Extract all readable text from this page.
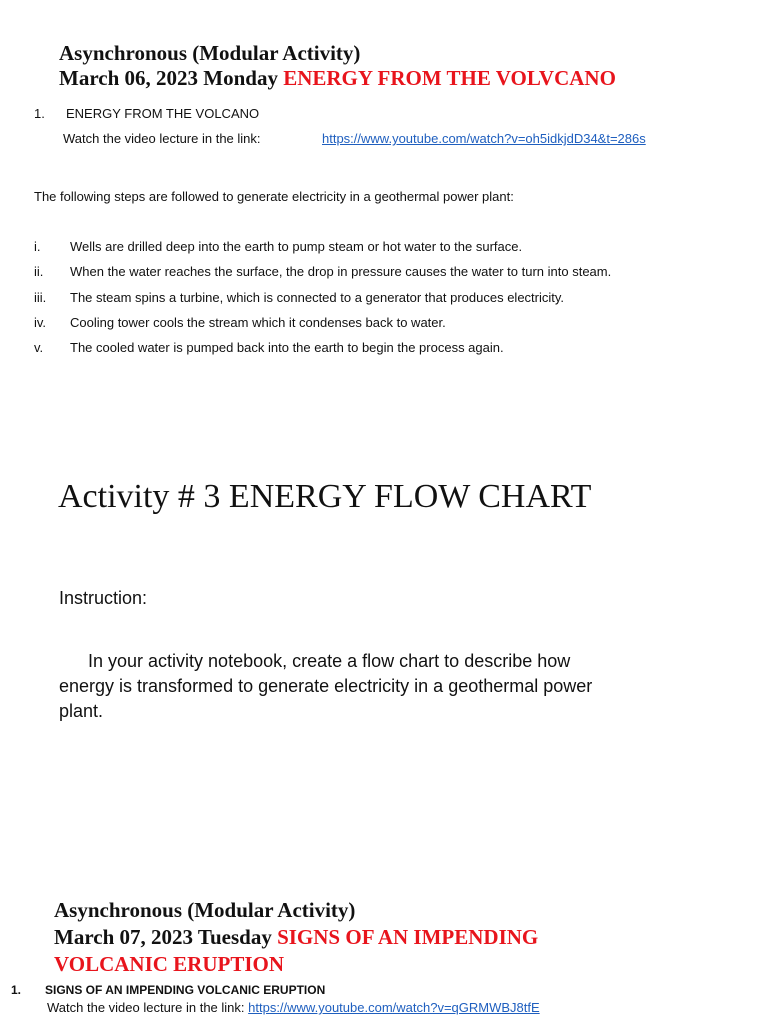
Asynchronous (Modular Activity)
March 06, 2023 Monday ENERGY FROM THE VOLVCANO
1. ENERGY FROM THE VOLCANO
Watch the video lecture in the link:	https://www.youtube.com/watch?v=oh5idkjdD34&t=286s
The following steps are followed to generate electricity in a geothermal power plant:
i. Wells are drilled deep into the earth to pump steam or hot water to the surface.
ii. When the water reaches the surface, the drop in pressure causes the water to turn into steam.
iii. The steam spins a turbine, which is connected to a generator that produces electricity.
iv. Cooling tower cools the stream which it condenses back to water.
v. The cooled water is pumped back into the earth to begin the process again.
Activity # 3 ENERGY FLOW CHART
Instruction:
In your activity notebook, create a flow chart to describe how
energy is transformed to generate electricity in a geothermal power
plant.
Asynchronous (Modular Activity)
March 07, 2023 Tuesday SIGNS OF AN IMPENDING
VOLCANIC ERUPTION
1. SIGNS OF AN IMPENDING VOLCANIC ERUPTION
Watch the video lecture in the link: https://www.youtube.com/watch?v=qGRMWBJ8tfE
